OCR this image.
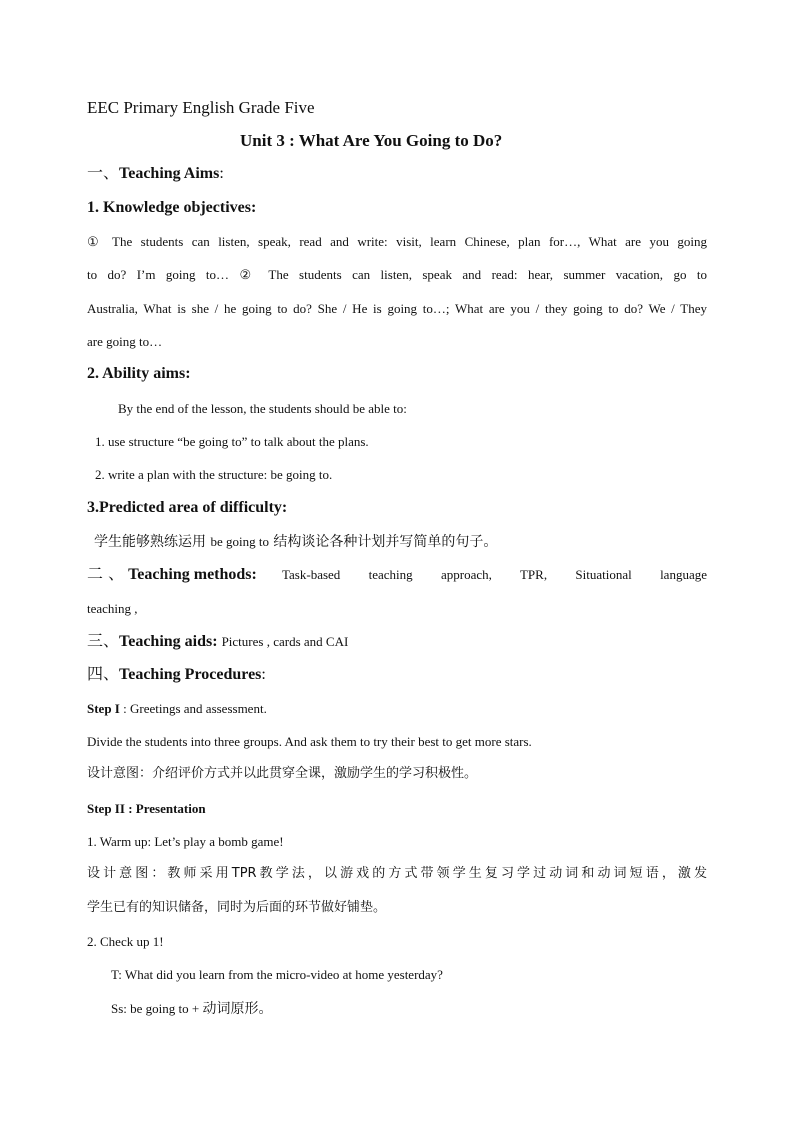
EEC Primary English Grade Five
Unit 3 : What Are You Going to Do?
一、Teaching Aims:
1. Knowledge objectives:
① The students can listen, speak, read and write: visit, learn Chinese, plan for…, What are you going
to do? I’m going to… ② The students can listen, speak and read: hear, summer vacation, go to
Australia, What is she / he going to do? She / He is going to…; What are you / they going to do? We / They
are going to…
2. Ability aims:
By the end of the lesson, the students should be able to:
1. use structure “be going to” to talk about the plans.
2. write a plan with the structure: be going to.
3.Predicted area of difficulty:
学生能够熟练运用 be going to 结构谈论各种计划并写简单的句子。
二 、 Teaching methods: Task-based teaching approach, TPR, Situational language
teaching ,
三、Teaching aids: Pictures , cards and CAI
四、Teaching Procedures:
Step I : Greetings and assessment.
Divide the students into three groups. And ask them to try their best to get more stars.
设计意图：介绍评价方式并以此贯穿全课，激励学生的学习积极性。
Step II : Presentation
1. Warm up: Let’s play a bomb game!
设计意图：教师采用TPR教学法，以游戏的方式带领学生复习学过动词和动词短语，激发
学生已有的知识储备，同时为后面的环节做好铺垫。
2. Check up 1!
T: What did you learn from the micro-video at home yesterday?
Ss: be going to + 动词原形。
